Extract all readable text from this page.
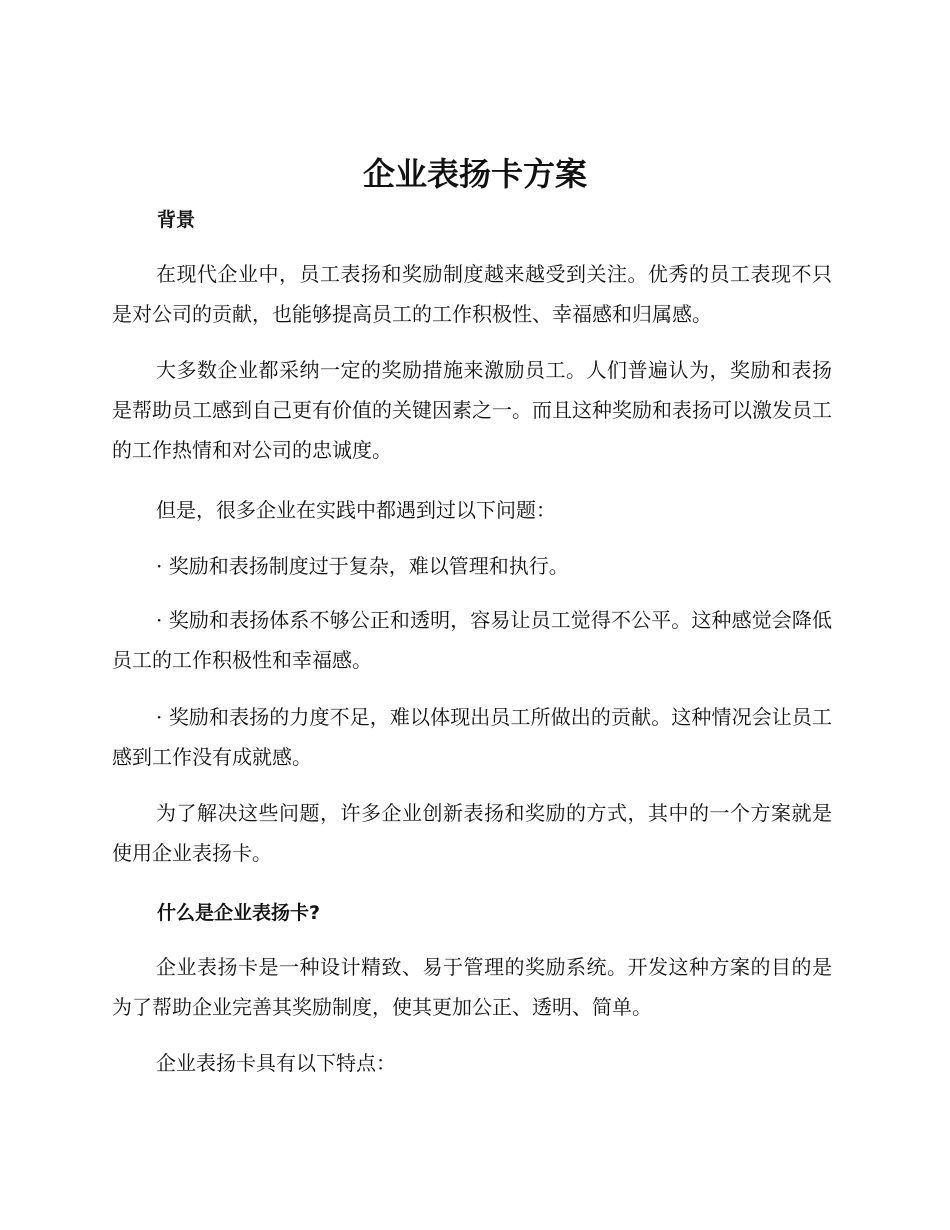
企业表扬卡方案
背景

在现代企业中，员工表扬和奖励制度越来越受到关注。优秀的员工表现不只是对公司的贡献，也能够提高员工的工作积极性、幸福感和归属感。

大多数企业都采纳一定的奖励措施来激励员工。人们普遍认为，奖励和表扬是帮助员工感到自己更有价值的关键因素之一。而且这种奖励和表扬可以激发员工的工作热情和对公司的忠诚度。

但是，很多企业在实践中都遇到过以下问题：

· 奖励和表扬制度过于复杂，难以管理和执行。

· 奖励和表扬体系不够公正和透明，容易让员工觉得不公平。这种感觉会降低员工的工作积极性和幸福感。

· 奖励和表扬的力度不足，难以体现出员工所做出的贡献。这种情况会让员工感到工作没有成就感。

为了解决这些问题，许多企业创新表扬和奖励的方式，其中的一个方案就是使用企业表扬卡。

什么是企业表扬卡?

企业表扬卡是一种设计精致、易于管理的奖励系统。开发这种方案的目的是为了帮助企业完善其奖励制度，使其更加公正、透明、简单。

企业表扬卡具有以下特点：
